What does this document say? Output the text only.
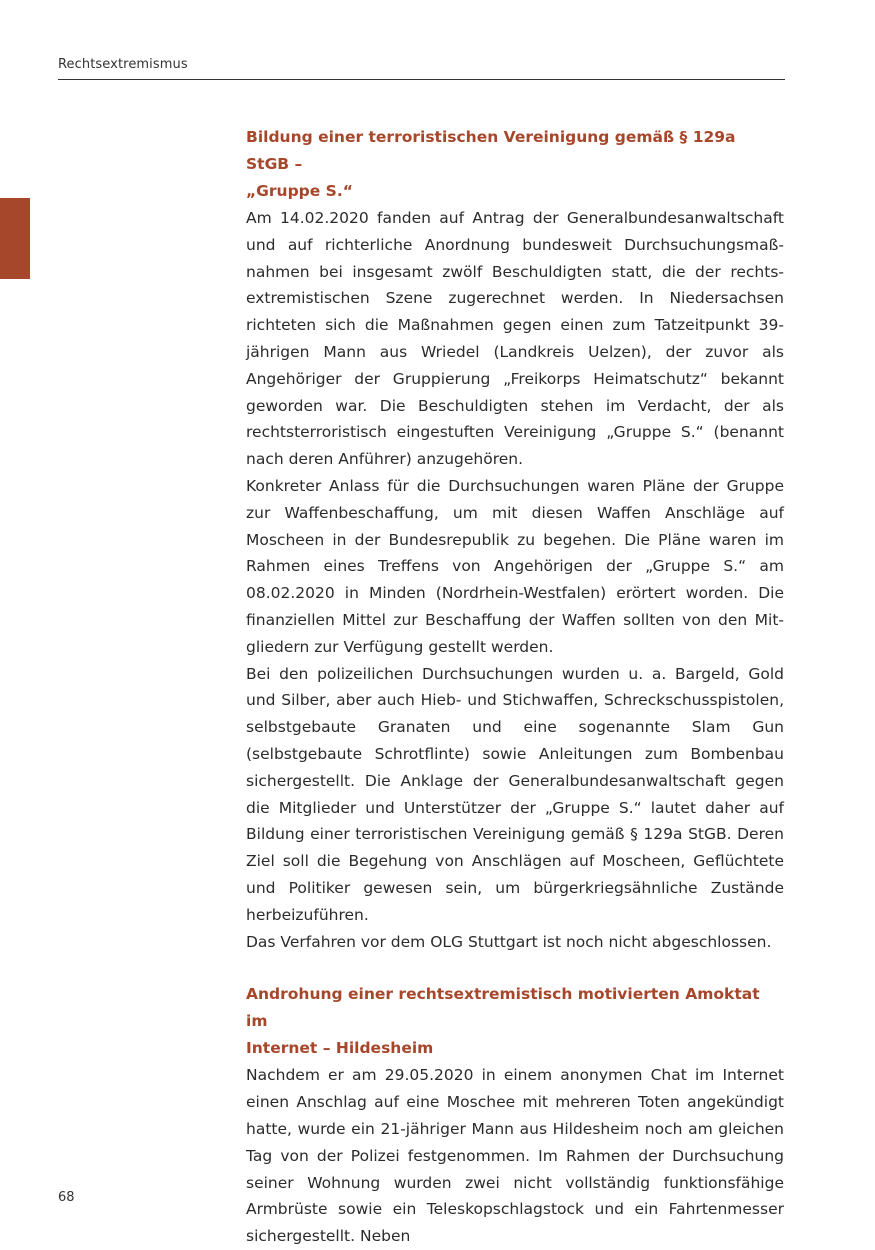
Rechtsextremismus
Bildung einer terroristischen Vereinigung gemäß § 129a StGB –
„Gruppe S.“

Am 14.02.2020 fanden auf Antrag der Generalbundesanwaltschaft und auf richterliche Anordnung bundesweit Durchsuchungsmaßnahmen bei insgesamt zwölf Beschuldigten statt, die der rechtsextremistischen Szene zugerechnet werden. In Niedersachsen richteten sich die Maßnahmen gegen einen zum Tatzeitpunkt 39-jährigen Mann aus Wriedel (Landkreis Uelzen), der zuvor als Angehöriger der Gruppierung „Freikorps Heimatschutz“ bekannt geworden war. Die Beschuldigten stehen im Verdacht, der als rechtsterroristisch eingestuften Vereinigung „Gruppe S.“ (benannt nach deren Anführer) anzugehören.

Konkreter Anlass für die Durchsuchungen waren Pläne der Gruppe zur Waffenbeschaffung, um mit diesen Waffen Anschläge auf Moscheen in der Bundesrepublik zu begehen. Die Pläne waren im Rahmen eines Treffens von Angehörigen der „Gruppe S.“ am 08.02.2020 in Minden (Nordrhein-Westfalen) erörtert worden. Die finanziellen Mittel zur Beschaffung der Waffen sollten von den Mitgliedern zur Verfügung gestellt werden.

Bei den polizeilichen Durchsuchungen wurden u. a. Bargeld, Gold und Silber, aber auch Hieb- und Stichwaffen, Schreckschusspistolen, selbstgebaute Granaten und eine sogenannte Slam Gun (selbstgebaute Schrotflinte) sowie Anleitungen zum Bombenbau sichergestellt. Die Anklage der Generalbundesanwaltschaft gegen die Mitglieder und Unterstützer der „Gruppe S.“ lautet daher auf Bildung einer terroristischen Vereinigung gemäß § 129a StGB. Deren Ziel soll die Begehung von Anschlägen auf Moscheen, Geflüchtete und Politiker gewesen sein, um bürgerkriegsähnliche Zustände herbeizuführen.

Das Verfahren vor dem OLG Stuttgart ist noch nicht abgeschlossen.

Androhung einer rechtsextremistisch motivierten Amoktat im
Internet – Hildesheim

Nachdem er am 29.05.2020 in einem anonymen Chat im Internet einen Anschlag auf eine Moschee mit mehreren Toten angekündigt hatte, wurde ein 21-jähriger Mann aus Hildesheim noch am gleichen Tag von der Polizei festgenommen. Im Rahmen der Durchsuchung seiner Wohnung wurden zwei nicht vollständig funktionsfähige Armbrüste sowie ein Teleskopschlagstock und ein Fahrtenmesser sichergestellt. Neben

68
